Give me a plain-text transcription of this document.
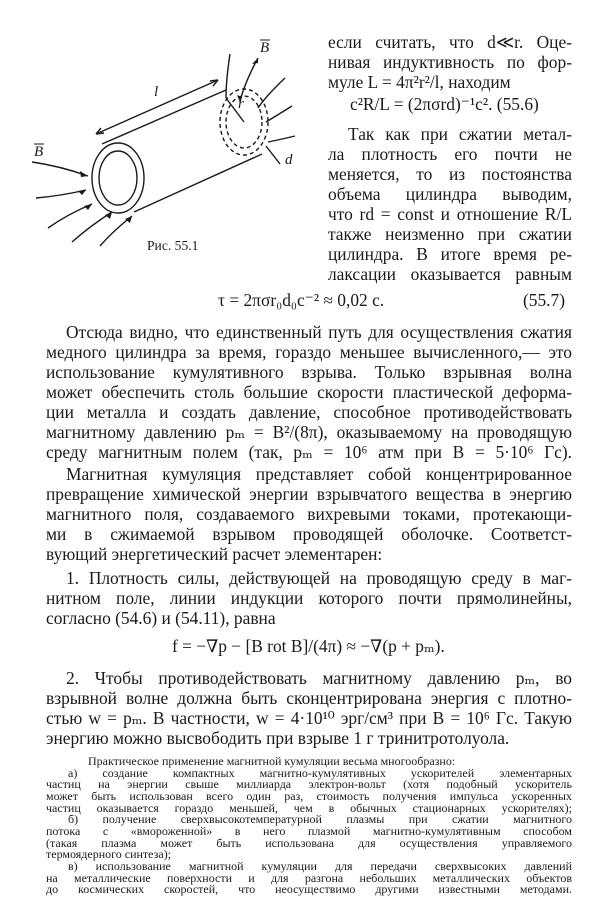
B
B
l
r
d
Рис. 55.1
если считать, что d≪r. Оце-
нивая индуктивность по фор-
муле L = 4π²r²/l, находим
c²R/L = (2πσrd)⁻¹c². (55.6)
Так как при сжатии метал-
ла плотность его почти не
меняется, то из постоянства
объема цилиндра выводим,
что rd = const и отношение R/L
также неизменно при сжатии
цилиндра. В итоге время ре-
лаксации оказывается равным
τ = 2πσr₀d₀c⁻² ≈ 0,02 с.	(55.7)
Отсюда видно, что единственный путь для осуществления сжатия
медного цилиндра за время, гораздо меньшее вычисленного,— это
использование кумулятивного взрыва. Только взрывная волна
может обеспечить столь большие скорости пластической деформа-
ции металла и создать давление, способное противодействовать
магнитному давлению pₘ = B²/(8π), оказываемому на проводящую
среду магнитным полем (так, pₘ = 10⁶ атм при B = 5·10⁶ Гс).
Магнитная кумуляция представляет собой концентрированное
превращение химической энергии взрывчатого вещества в энергию
магнитного поля, создаваемого вихревыми токами, протекающи-
ми в сжимаемой взрывом проводящей оболочке. Соответст-
вующий энергетический расчет элементарен:
1. Плотность силы, действующей на проводящую среду в маг-
нитном поле, линии индукции которого почти прямолинейны,
согласно (54.6) и (54.11), равна
f = −∇p − [B rot B]/(4π) ≈ −∇(p + pₘ).
2. Чтобы противодействовать магнитному давлению pₘ, во
взрывной волне должна быть сконцентрирована энергия с плотно-
стью w = pₘ. В частности, w = 4·10¹⁰ эрг/см³ при B = 10⁶ Гс. Такую
энергию можно высвободить при взрыве 1 г тринитротолуола.
Практическое применение магнитной кумуляции весьма многообразно:
а) создание компактных магнитно-кумулятивных ускорителей элементарных
частиц на энергии свыше миллиарда электрон-вольт (хотя подобный ускоритель
может быть использован всего один раз, стоимость получения импульса ускоренных
частиц оказывается гораздо меньшей, чем в обычных стационарных ускорителях);
б) получение сверхвысокотемпературной плазмы при сжатии магнитного
потока с «вмороженной» в него плазмой магнитно-кумулятивным способом
(такая плазма может быть использована для осуществления управляемого
термоядерного синтеза);
в) использование магнитной кумуляции для передачи сверхвысоких давлений
на металлические поверхности и для разгона небольших металлических объектов
до космических скоростей, что неосуществимо другими известными методами.
